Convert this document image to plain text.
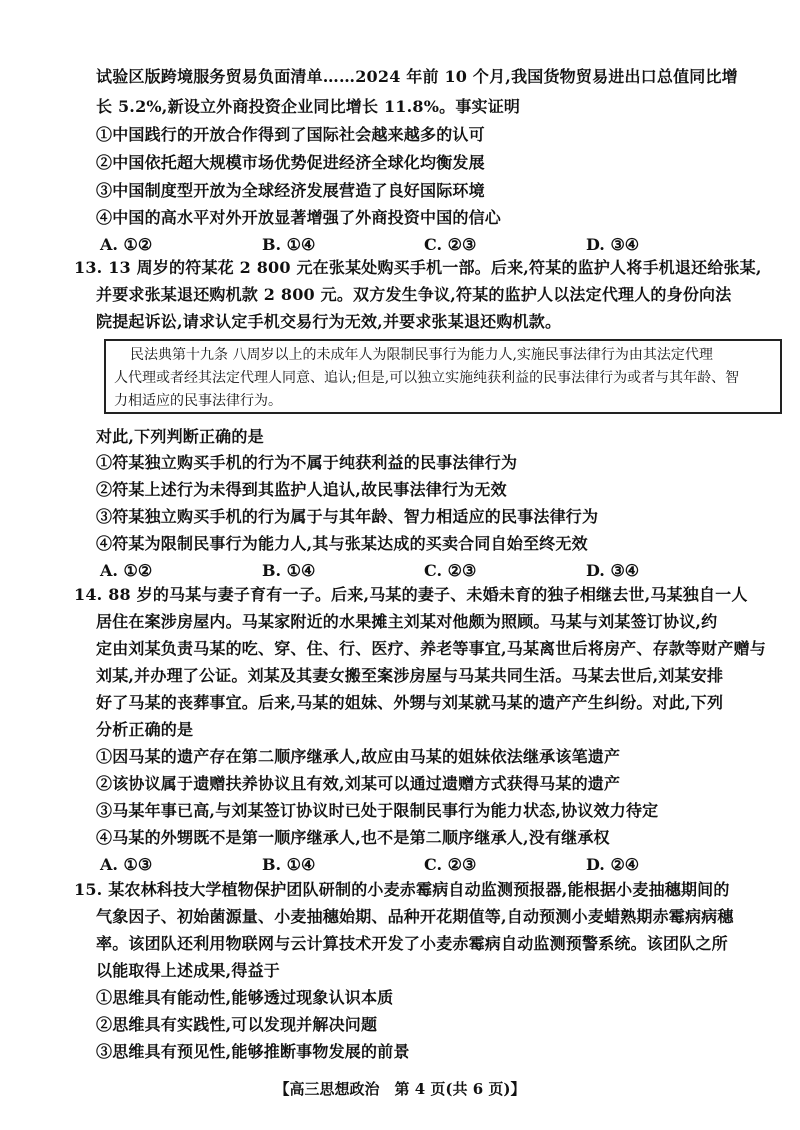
试验区版跨境服务贸易负面清单……2024 年前 10 个月,我国货物贸易进出口总值同比增
长 5.2%,新设立外商投资企业同比增长 11.8%。事实证明
①中国践行的开放合作得到了国际社会越来越多的认可
②中国依托超大规模市场优势促进经济全球化均衡发展
③中国制度型开放为全球经济发展营造了良好国际环境
④中国的高水平对外开放显著增强了外商投资中国的信心
A. ①②	B. ①④	C. ②③	D. ③④
13. 13 周岁的符某花 2 800 元在张某处购买手机一部。后来,符某的监护人将手机退还给张某,
并要求张某退还购机款 2 800 元。双方发生争议,符某的监护人以法定代理人的身份向法
院提起诉讼,请求认定手机交易行为无效,并要求张某退还购机款。
民法典第十九条 八周岁以上的未成年人为限制民事行为能力人,实施民事法律行为由其法定代理
人代理或者经其法定代理人同意、追认;但是,可以独立实施纯获利益的民事法律行为或者与其年龄、智
力相适应的民事法律行为。
对此,下列判断正确的是
①符某独立购买手机的行为不属于纯获利益的民事法律行为
②符某上述行为未得到其监护人追认,故民事法律行为无效
③符某独立购买手机的行为属于与其年龄、智力相适应的民事法律行为
④符某为限制民事行为能力人,其与张某达成的买卖合同自始至终无效
A. ①②	B. ①④	C. ②③	D. ③④
14. 88 岁的马某与妻子育有一子。后来,马某的妻子、未婚未育的独子相继去世,马某独自一人
居住在案涉房屋内。马某家附近的水果摊主刘某对他颇为照顾。马某与刘某签订协议,约
定由刘某负责马某的吃、穿、住、行、医疗、养老等事宜,马某离世后将房产、存款等财产赠与
刘某,并办理了公证。刘某及其妻女搬至案涉房屋与马某共同生活。马某去世后,刘某安排
好了马某的丧葬事宜。后来,马某的姐妹、外甥与刘某就马某的遗产产生纠纷。对此,下列
分析正确的是
①因马某的遗产存在第二顺序继承人,故应由马某的姐妹依法继承该笔遗产
②该协议属于遗赠扶养协议且有效,刘某可以通过遗赠方式获得马某的遗产
③马某年事已高,与刘某签订协议时已处于限制民事行为能力状态,协议效力待定
④马某的外甥既不是第一顺序继承人,也不是第二顺序继承人,没有继承权
A. ①③	B. ①④	C. ②③	D. ②④
15. 某农林科技大学植物保护团队研制的小麦赤霉病自动监测预报器,能根据小麦抽穗期间的
气象因子、初始菌源量、小麦抽穗始期、品种开花期值等,自动预测小麦蜡熟期赤霉病病穗
率。该团队还利用物联网与云计算技术开发了小麦赤霉病自动监测预警系统。该团队之所
以能取得上述成果,得益于
①思维具有能动性,能够透过现象认识本质
②思维具有实践性,可以发现并解决问题
③思维具有预见性,能够推断事物发展的前景
【高三思想政治　第 4 页(共 6 页)】
